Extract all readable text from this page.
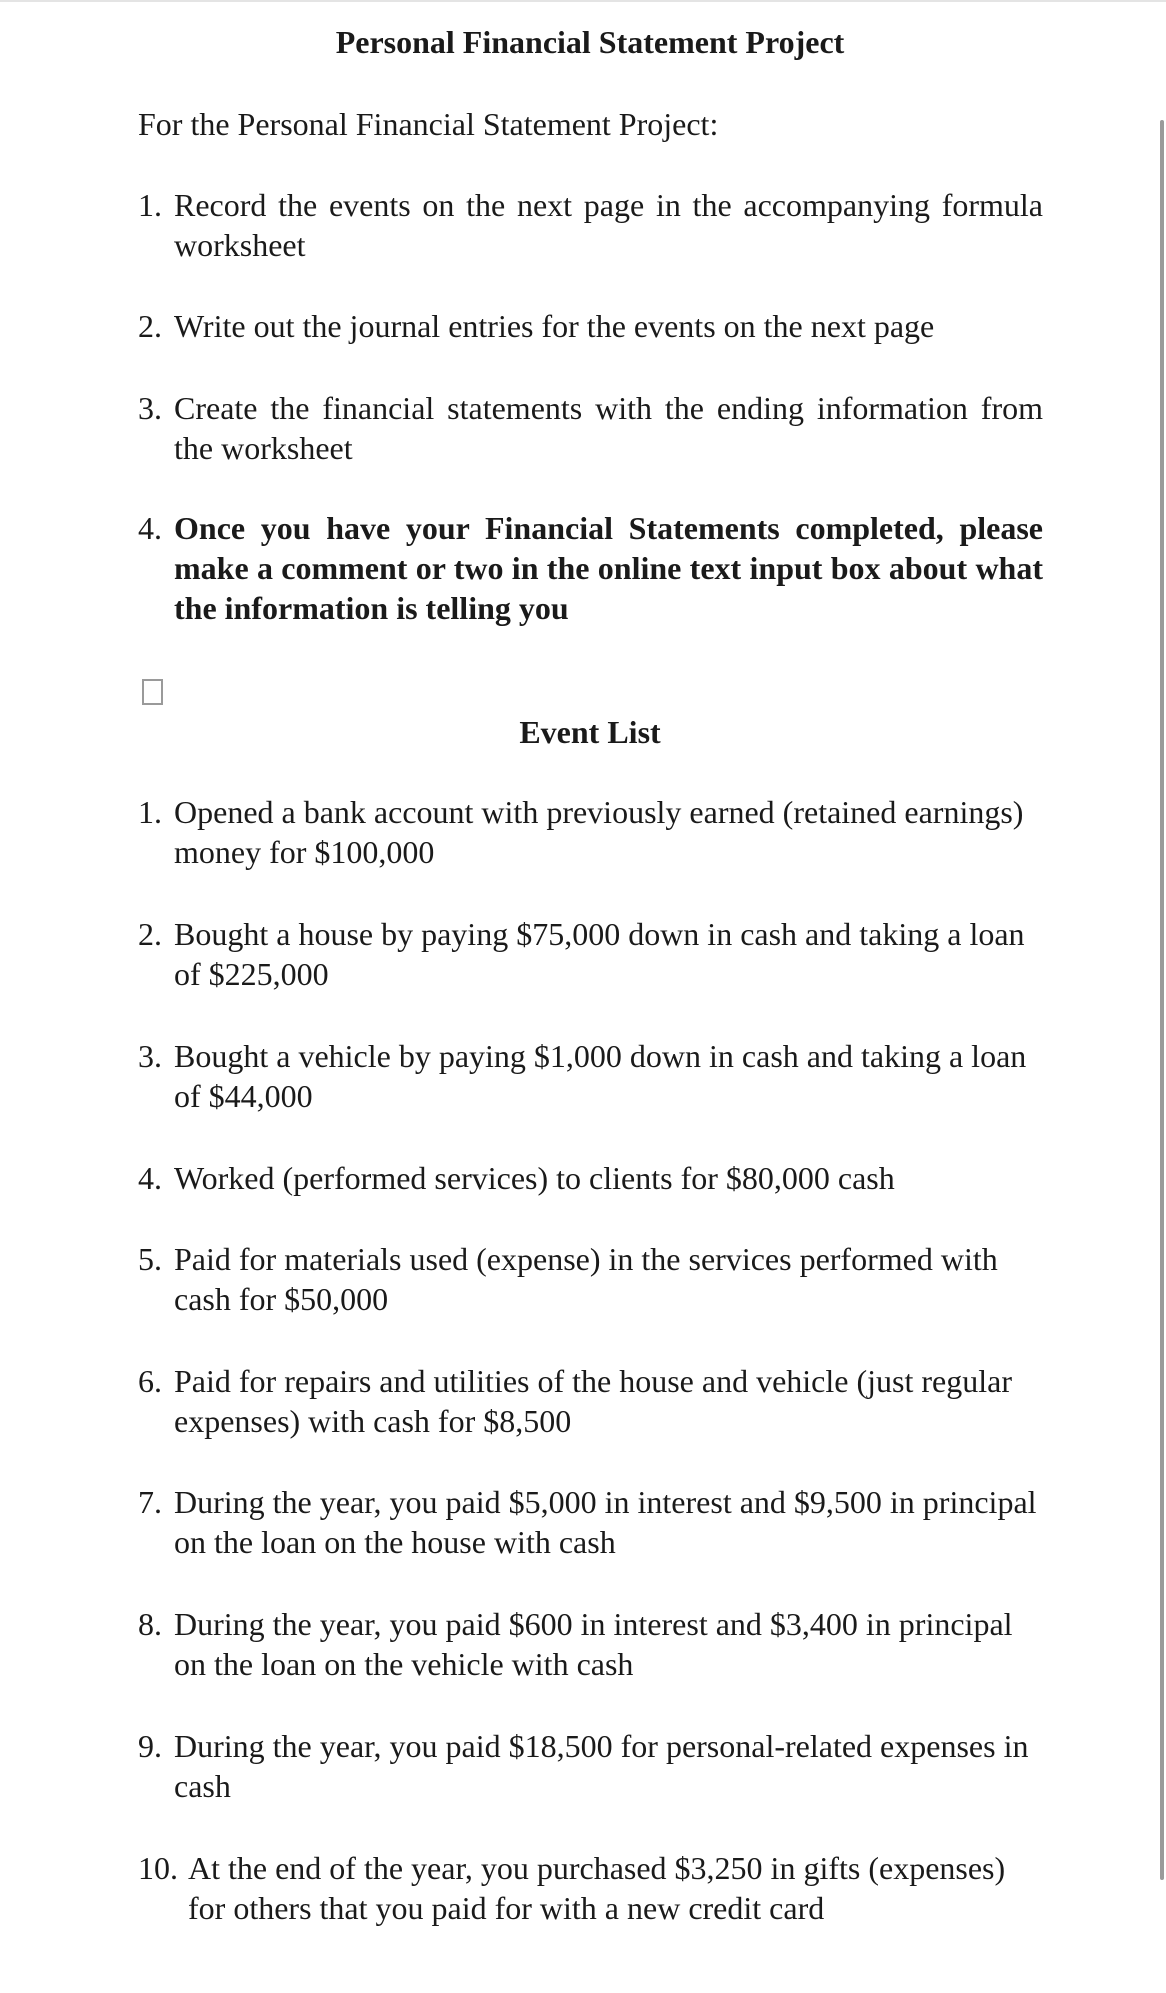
Personal Financial Statement Project
For the Personal Financial Statement Project:
1. Record the events on the next page in the accompanying formula worksheet
2. Write out the journal entries for the events on the next page
3. Create the financial statements with the ending information from the worksheet
4. Once you have your Financial Statements completed, please make a comment or two in the online text input box about what the information is telling you
Event List
1. Opened a bank account with previously earned (retained earnings) money for $100,000
2. Bought a house by paying $75,000 down in cash and taking a loan of $225,000
3. Bought a vehicle by paying $1,000 down in cash and taking a loan of $44,000
4. Worked (performed services) to clients for $80,000 cash
5. Paid for materials used (expense) in the services performed with cash for $50,000
6. Paid for repairs and utilities of the house and vehicle (just regular expenses) with cash for $8,500
7. During the year, you paid $5,000 in interest and $9,500 in principal on the loan on the house with cash
8. During the year, you paid $600 in interest and $3,400 in principal on the loan on the vehicle with cash
9. During the year, you paid $18,500 for personal-related expenses in cash
10. At the end of the year, you purchased $3,250 in gifts (expenses) for others that you paid for with a new credit card
